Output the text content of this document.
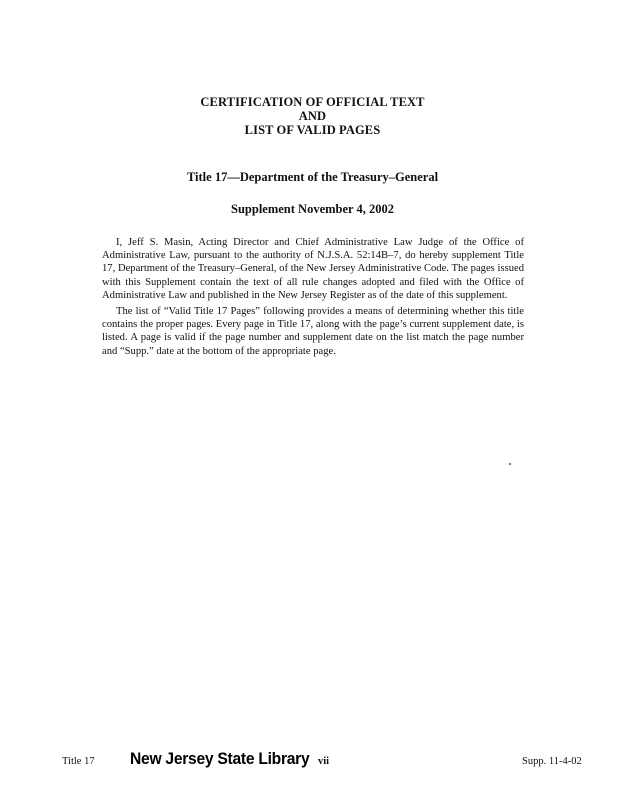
CERTIFICATION OF OFFICIAL TEXT
AND
LIST OF VALID PAGES
Title 17—Department of the Treasury–General
Supplement November 4, 2002

I, Jeff S. Masin, Acting Director and Chief Administrative Law Judge of the Office of Administrative Law, pursuant to the authority of N.J.S.A. 52:14B–7, do hereby supplement Title 17, Department of the Treasury–General, of the New Jersey Administrative Code. The pages issued with this Supplement contain the text of all rule changes adopted and filed with the Office of Administrative Law and published in the New Jersey Register as of the date of this supplement.

The list of “Valid Title 17 Pages” following provides a means of determining whether this title contains the proper pages. Every page in Title 17, along with the page’s current supplement date, is listed. A page is valid if the page number and supplement date on the list match the page number and “Supp.” date at the bottom of the appropriate page.

Title 17 New Jersey State Library vii	Supp. 11-4-02
